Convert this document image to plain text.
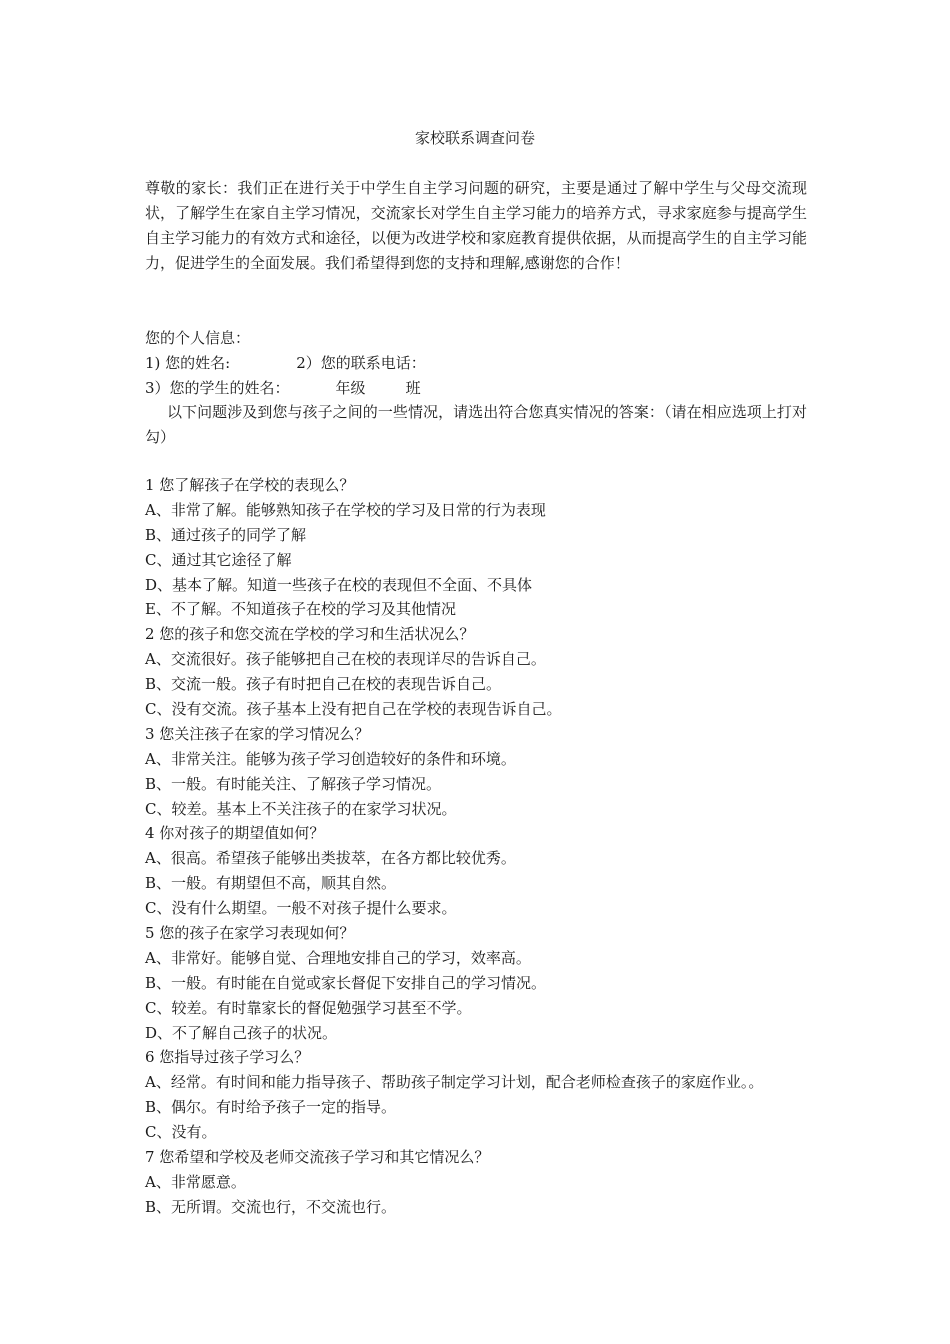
家校联系调查问卷
尊敬的家长：我们正在进行关于中学生自主学习问题的研究，主要是通过了解中学生与父母交流现状，了解学生在家自主学习情况，交流家长对学生自主学习能力的培养方式，寻求家庭参与提高学生自主学习能力的有效方式和途径，以便为改进学校和家庭教育提供依据，从而提高学生的自主学习能力，促进学生的全面发展。我们希望得到您的支持和理解,感谢您的合作！
您的个人信息：
1) 您的姓名:	2）您的联系电话：
3）您的学生的姓名：	年级	班
以下问题涉及到您与孩子之间的一些情况，请选出符合您真实情况的答案：（请在相应选项上打对勾）
1 您了解孩子在学校的表现么？
A、非常了解。能够熟知孩子在学校的学习及日常的行为表现
B、通过孩子的同学了解
C、通过其它途径了解
D、基本了解。知道一些孩子在校的表现但不全面、不具体
E、不了解。不知道孩子在校的学习及其他情况
2 您的孩子和您交流在学校的学习和生活状况么？
A、交流很好。孩子能够把自己在校的表现详尽的告诉自己。
B、交流一般。孩子有时把自己在校的表现告诉自己。
C、没有交流。孩子基本上没有把自己在学校的表现告诉自己。
3 您关注孩子在家的学习情况么？
A、非常关注。能够为孩子学习创造较好的条件和环境。
B、一般。有时能关注、了解孩子学习情况。
C、较差。基本上不关注孩子的在家学习状况。
4 你对孩子的期望值如何？
A、很高。希望孩子能够出类拔萃，在各方都比较优秀。
B、一般。有期望但不高，顺其自然。
C、没有什么期望。一般不对孩子提什么要求。
5 您的孩子在家学习表现如何？
A、非常好。能够自觉、合理地安排自己的学习，效率高。
B、一般。有时能在自觉或家长督促下安排自己的学习情况。
C、较差。有时靠家长的督促勉强学习甚至不学。
D、不了解自己孩子的状况。
6 您指导过孩子学习么？
A、经常。有时间和能力指导孩子、帮助孩子制定学习计划，配合老师检查孩子的家庭作业。。
B、偶尔。有时给予孩子一定的指导。
C、没有。
7 您希望和学校及老师交流孩子学习和其它情况么？
A、非常愿意。
B、无所谓。交流也行，不交流也行。
